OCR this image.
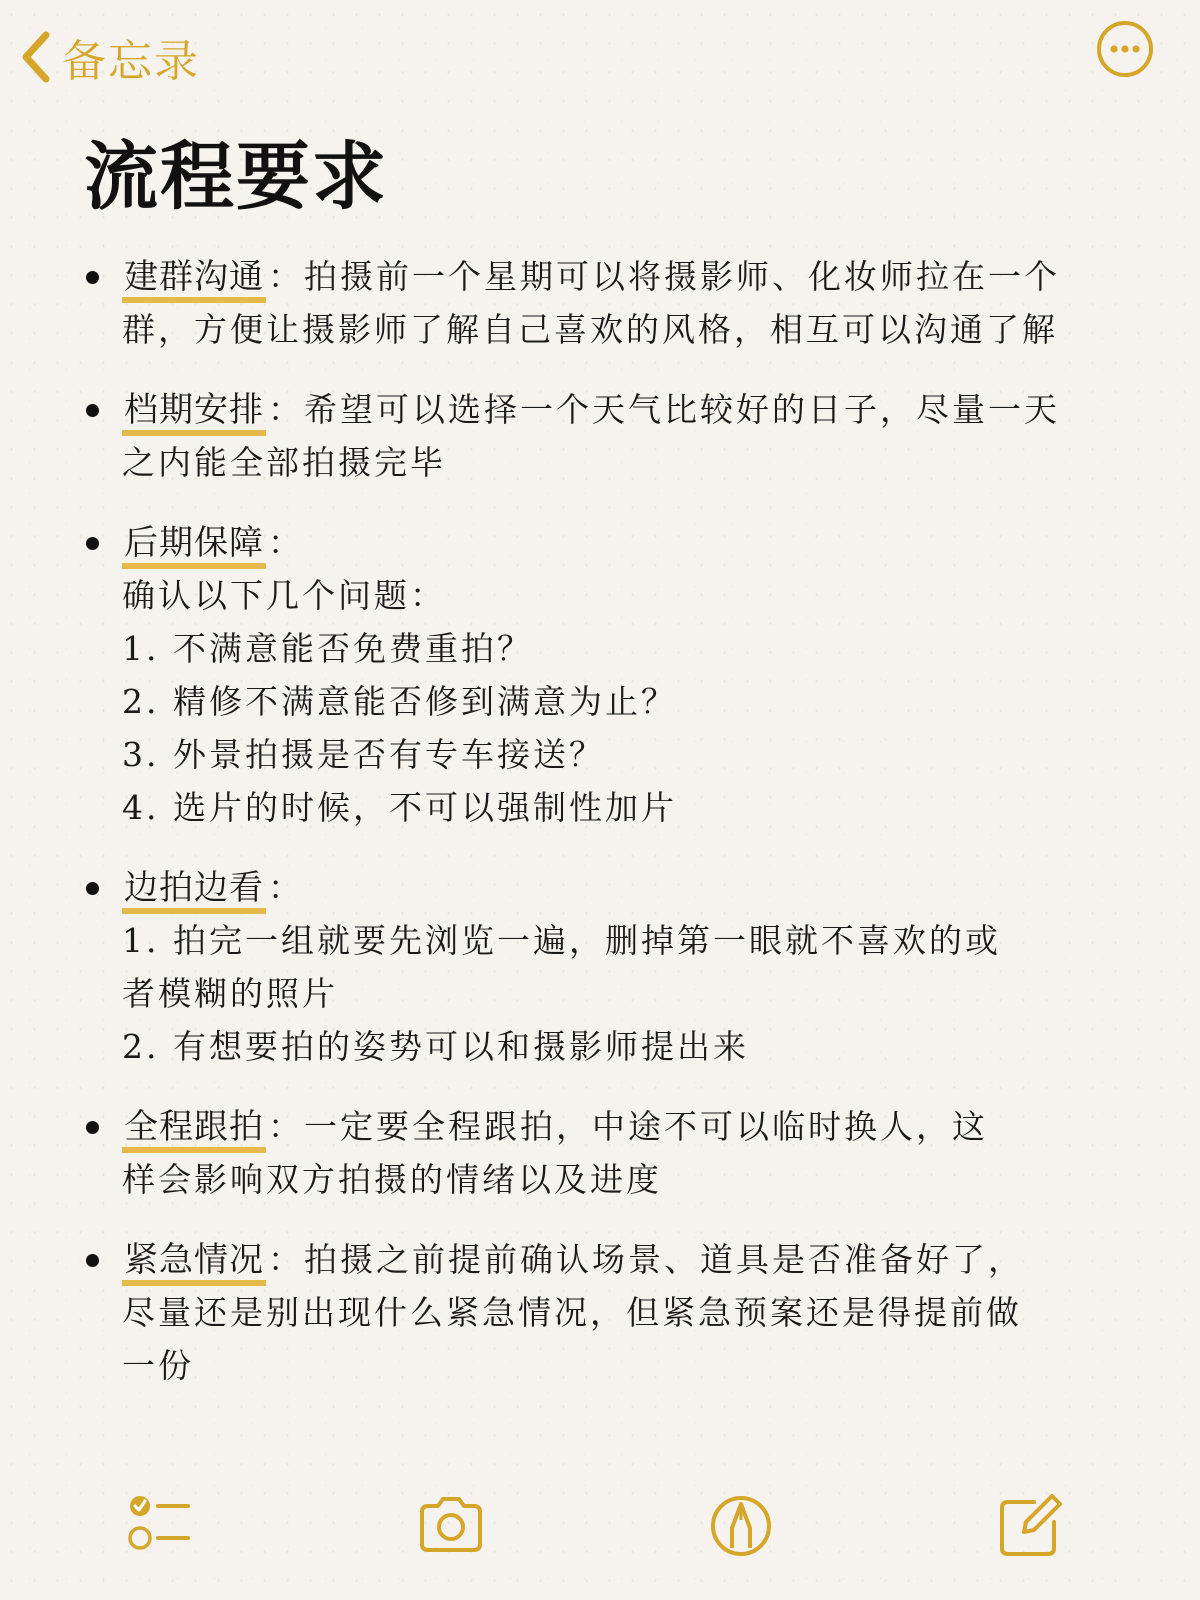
备忘录
流程要求
建群沟通 ：拍摄前一个星期可以将摄影师、化妆师拉在一个
群，方便让摄影师了解自己喜欢的风格，相互可以沟通了解
档期安排 ：希望可以选择一个天气比较好的日子，尽量一天
之内能全部拍摄完毕
后期保障 ：
确认以下几个问题：
1. 不满意能否免费重拍？
2. 精修不满意能否修到满意为止？
3. 外景拍摄是否有专车接送？
4. 选片的时候，不可以强制性加片
边拍边看 ：
1. 拍完一组就要先浏览一遍，删掉第一眼就不喜欢的或
者模糊的照片
2. 有想要拍的姿势可以和摄影师提出来
全程跟拍 ：一定要全程跟拍，中途不可以临时换人，这
样会影响双方拍摄的情绪以及进度
紧急情况 ：拍摄之前提前确认场景、道具是否准备好了，
尽量还是别出现什么紧急情况，但紧急预案还是得提前做
一份
